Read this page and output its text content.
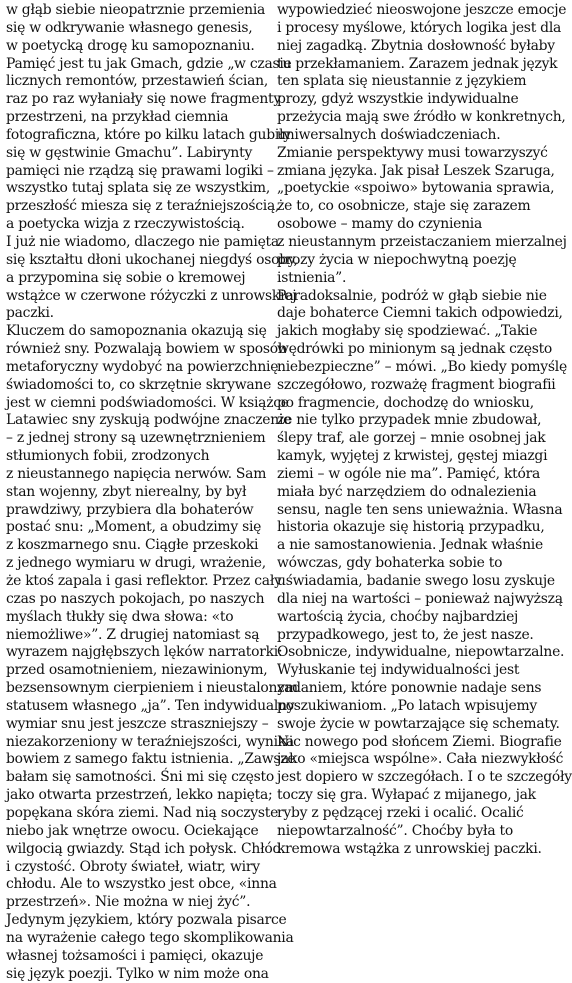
w głąb siebie nieopatrznie przemienia
się w odkrywanie własnego genesis,
w poetycką drogę ku samopoznaniu.
Pamięć jest tu jak Gmach, gdzie „w czasie
licznych remontów, przestawień ścian,
raz po raz wyłaniały się nowe fragmenty
przestrzeni, na przykład ciemnia
fotograficzna, które po kilku latach gubiły
się w gęstwinie Gmachu”. Labirynty
pamięci nie rządzą się prawami logiki –
wszystko tutaj splata się ze wszystkim,
przeszłość miesza się z teraźniejszością,
a poetycka wizja z rzeczywistością.
I już nie wiadomo, dlaczego nie pamięta
się kształtu dłoni ukochanej niegdyś osoby,
a przypomina się sobie o kremowej
wstążce w czerwone różyczki z unrowskiej
paczki.
Kluczem do samopoznania okazują się
również sny. Pozwalają bowiem w sposób
metaforyczny wydobyć na powierzchnię
świadomości to, co skrzętnie skrywane
jest w ciemni podświadomości. W książce
Latawiec sny zyskują podwójne znaczenie
– z jednej strony są uzewnętrznieniem
stłumionych fobii, zrodzonych
z nieustannego napięcia nerwów. Sam
stan wojenny, zbyt nierealny, by był
prawdziwy, przybiera dla bohaterów
postać snu: „Moment, a obudzimy się
z koszmarnego snu. Ciągłe przeskoki
z jednego wymiaru w drugi, wrażenie,
że ktoś zapala i gasi reflektor. Przez cały
czas po naszych pokojach, po naszych
myślach tłukły się dwa słowa: «to
niemożliwe»”. Z drugiej natomiast są
wyrazem najgłębszych lęków narratorki:
przed osamotnieniem, niezawinionym,
bezsensownym cierpieniem i nieustalonym
statusem własnego „ja”. Ten indywidualny
wymiar snu jest jeszcze straszniejszy –
niezakorzeniony w teraźniejszości, wynika
bowiem z samego faktu istnienia. „Zawsze
bałam się samotności. Śni mi się często
jako otwarta przestrzeń, lekko napięta;
popękana skóra ziemi. Nad nią soczyste
niebo jak wnętrze owocu. Ociekające
wilgocią gwiazdy. Stąd ich połysk. Chłód
i czystość. Obroty świateł, wiatr, wiry
chłodu. Ale to wszystko jest obce, «inna
przestrzeń». Nie można w niej żyć”.
Jedynym językiem, który pozwala pisarce
na wyrażenie całego tego skomplikowania
własnej tożsamości i pamięci, okazuje
się język poezji. Tylko w nim może ona
wypowiedzieć nieoswojone jeszcze emocje
i procesy myślowe, których logika jest dla
niej zagadką. Zbytnia dosłowność byłaby
tu przekłamaniem. Zarazem jednak język
ten splata się nieustannie z językiem
prozy, gdyż wszystkie indywidualne
przeżycia mają swe źródło w konkretnych,
uniwersalnych doświadczeniach.
Zmianie perspektywy musi towarzyszyć
zmiana języka. Jak pisał Leszek Szaruga,
„poetyckie «spoiwo» bytowania sprawia,
że to, co osobnicze, staje się zarazem
osobowe – mamy do czynienia
z nieustannym przeistaczaniem mierzalnej
prozy życia w niepochwytną poezję
istnienia”.
Paradoksalnie, podróż w głąb siebie nie
daje bohaterce Ciemni takich odpowiedzi,
jakich mogłaby się spodziewać. „Takie
wędrówki po minionym są jednak często
niebezpieczne” – mówi. „Bo kiedy pomyślę
szczegółowo, rozważę fragment biografii
po fragmencie, dochodzę do wniosku,
że nie tylko przypadek mnie zbudował,
ślepy traf, ale gorzej – mnie osobnej jak
kamyk, wyjętej z krwistej, gęstej miazgi
ziemi – w ogóle nie ma”. Pamięć, która
miała być narzędziem do odnalezienia
sensu, nagle ten sens unieważnia. Własna
historia okazuje się historią przypadku,
a nie samostanowienia. Jednak właśnie
wówczas, gdy bohaterka sobie to
uświadamia, badanie swego losu zyskuje
dla niej na wartości – ponieważ najwyższą
wartością życia, choćby najbardziej
przypadkowego, jest to, że jest nasze.
Osobnicze, indywidualne, niepowtarzalne.
Wyłuskanie tej indywidualności jest
zadaniem, które ponownie nadaje sens
poszukiwaniom. „Po latach wpisujemy
swoje życie w powtarzające się schematy.
Nic nowego pod słońcem Ziemi. Biografie
jako «miejsca wspólne». Cała niezwykłość
jest dopiero w szczegółach. I o te szczegóły
toczy się gra. Wyłapać z mijanego, jak
ryby z pędzącej rzeki i ocalić. Ocalić
niepowtarzalność”. Choćby była to
kremowa wstążka z unrowskiej paczki.
